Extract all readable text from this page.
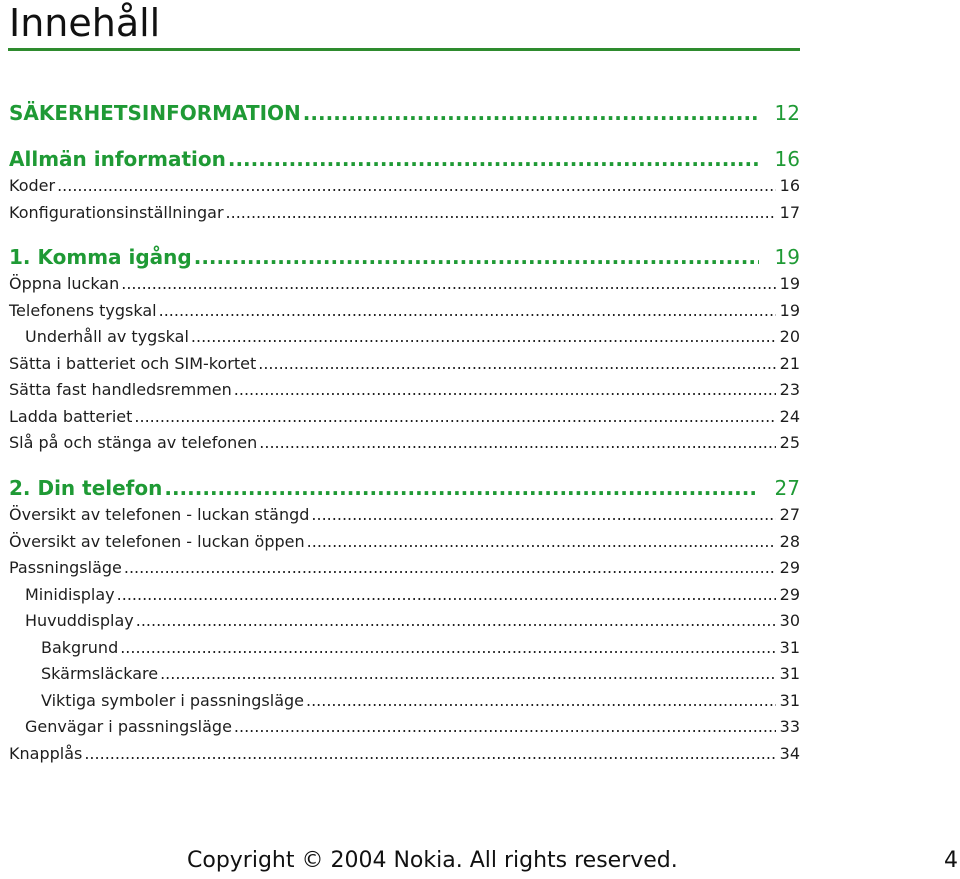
Innehåll
SÄKERHETSINFORMATION .....	12
Allmän information .....	16
Koder .....	16
Konfigurationsinställningar .....	17
1. Komma igång .....	19
Öppna luckan .....	19
Telefonens tygskal .....	19
Underhåll av tygskal .....	20
Sätta i batteriet och SIM-kortet .....	21
Sätta fast handledsremmen .....	23
Ladda batteriet .....	24
Slå på och stänga av telefonen .....	25
2. Din telefon .....	27
Översikt av telefonen - luckan stängd .....	27
Översikt av telefonen - luckan öppen .....	28
Passningsläge .....	29
Minidisplay .....	29
Huvuddisplay .....	30
Bakgrund .....	31
Skärmsläckare .....	31
Viktiga symboler i passningsläge .....	31
Genvägar i passningsläge .....	33
Knapplås .....	34
Copyright © 2004 Nokia. All rights reserved.	4
